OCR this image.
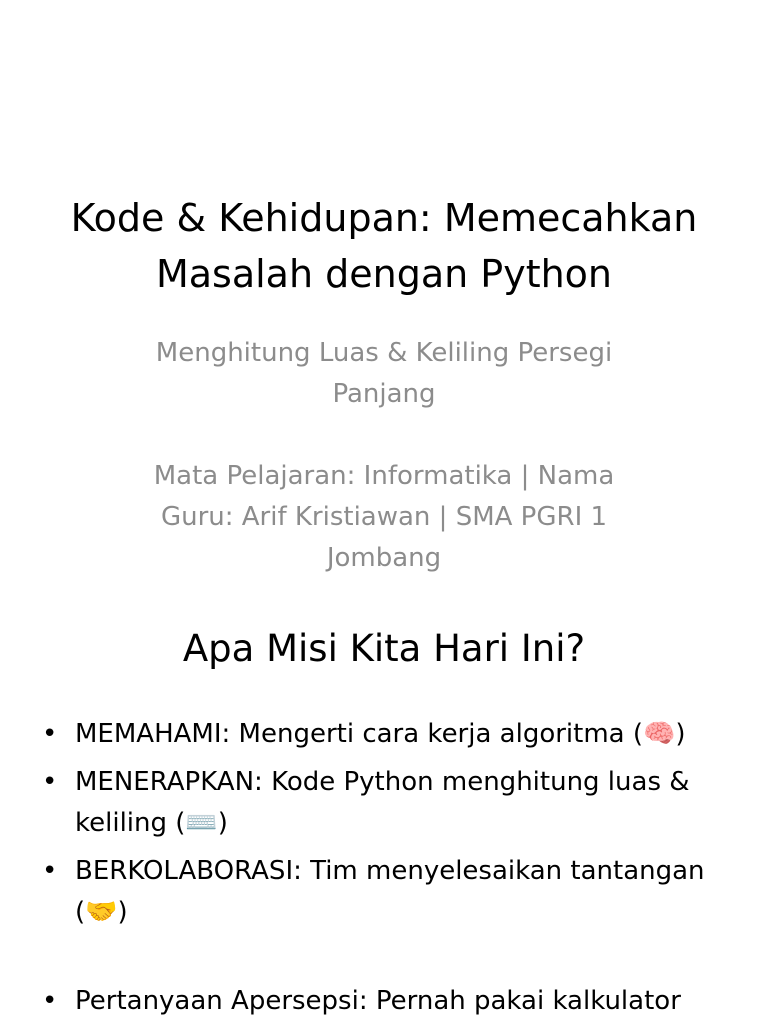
Kode & Kehidupan: Memecahkan Masalah dengan Python

Menghitung Luas & Keliling Persegi Panjang

Mata Pelajaran: Informatika | Nama Guru: Arif Kristiawan | SMA PGRI 1 Jombang

Apa Misi Kita Hari Ini?
• MEMAHAMI: Mengerti cara kerja algoritma (🧠)
• MENERAPKAN: Kode Python menghitung luas & keliling (⌨️)
• BERKOLABORASI: Tim menyelesaikan tantangan (🤝)
• Pertanyaan Apersepsi: Pernah pakai kalkulator
